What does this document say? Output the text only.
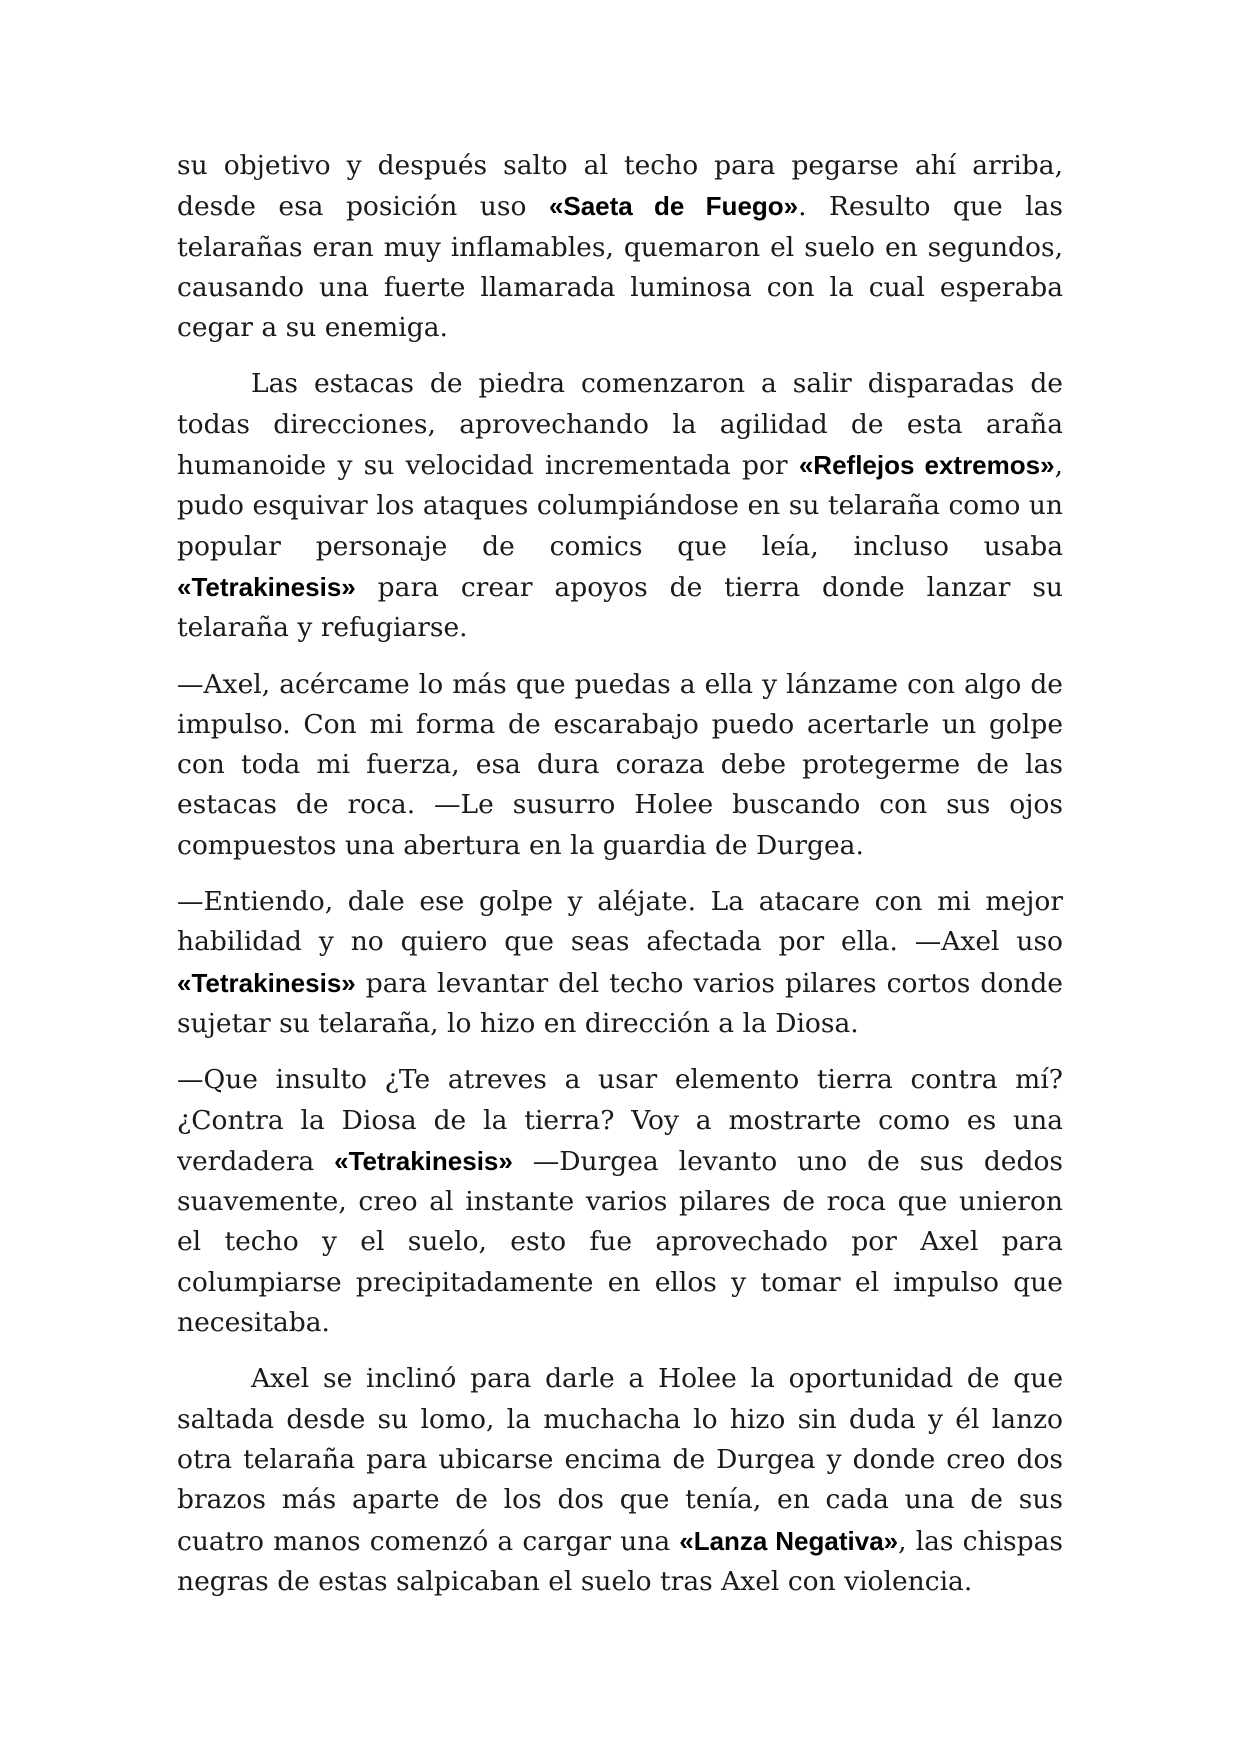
su objetivo y después salto al techo para pegarse ahí arriba, desde esa posición uso «Saeta de Fuego». Resulto que las telarañas eran muy inflamables, quemaron el suelo en segundos, causando una fuerte llamarada luminosa con la cual esperaba cegar a su enemiga.

Las estacas de piedra comenzaron a salir disparadas de todas direcciones, aprovechando la agilidad de esta araña humanoide y su velocidad incrementada por «Reflejos extremos», pudo esquivar los ataques columpiándose en su telaraña como un popular personaje de comics que leía, incluso usaba «Tetrakinesis» para crear apoyos de tierra donde lanzar su telaraña y refugiarse.

—Axel, acércame lo más que puedas a ella y lánzame con algo de impulso. Con mi forma de escarabajo puedo acertarle un golpe con toda mi fuerza, esa dura coraza debe protegerme de las estacas de roca. —Le susurro Holee buscando con sus ojos compuestos una abertura en la guardia de Durgea.

—Entiendo, dale ese golpe y aléjate. La atacare con mi mejor habilidad y no quiero que seas afectada por ella. —Axel uso «Tetrakinesis» para levantar del techo varios pilares cortos donde sujetar su telaraña, lo hizo en dirección a la Diosa.

—Que insulto ¿Te atreves a usar elemento tierra contra mí? ¿Contra la Diosa de la tierra? Voy a mostrarte como es una verdadera «Tetrakinesis» —Durgea levanto uno de sus dedos suavemente, creo al instante varios pilares de roca que unieron el techo y el suelo, esto fue aprovechado por Axel para columpiarse precipitadamente en ellos y tomar el impulso que necesitaba.

Axel se inclinó para darle a Holee la oportunidad de que saltada desde su lomo, la muchacha lo hizo sin duda y él lanzo otra telaraña para ubicarse encima de Durgea y donde creo dos brazos más aparte de los dos que tenía, en cada una de sus cuatro manos comenzó a cargar una «Lanza Negativa», las chispas negras de estas salpicaban el suelo tras Axel con violencia.
